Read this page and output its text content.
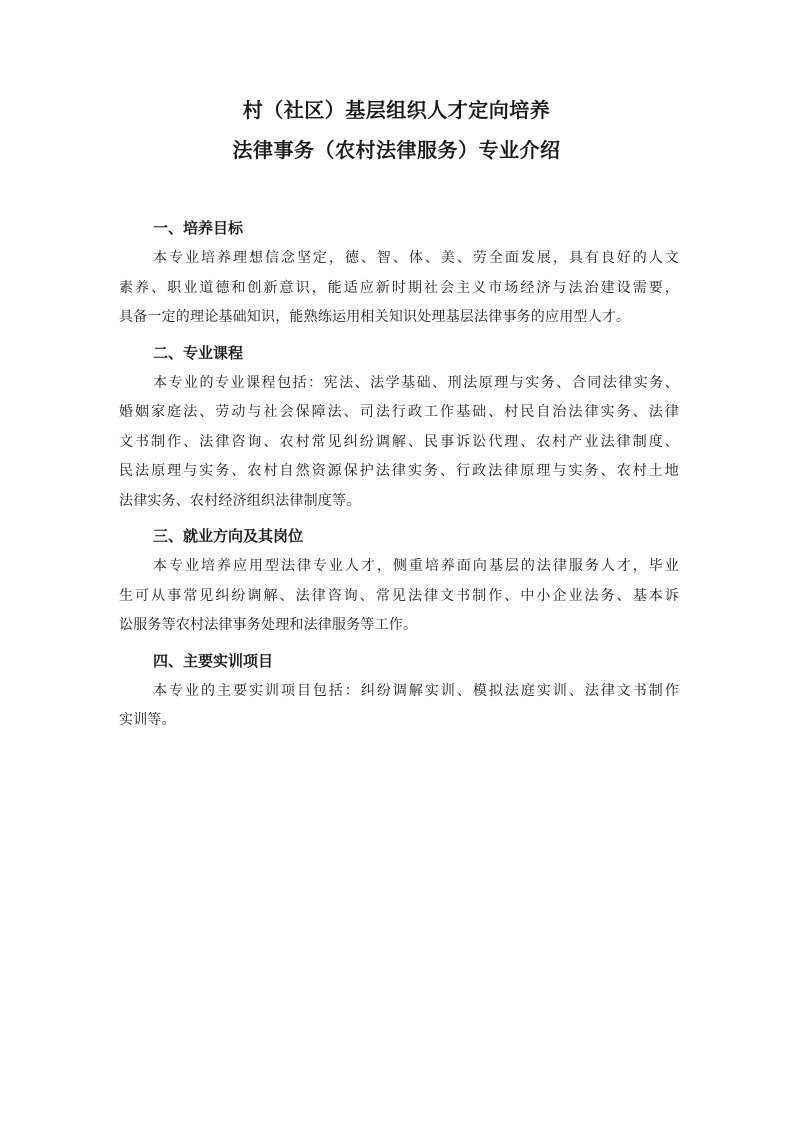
村（社区）基层组织人才定向培养

法律事务（农村法律服务）专业介绍

一、培养目标

本专业培养理想信念坚定，德、智、体、美、劳全面发展，具有良好的人文
素养、职业道德和创新意识，能适应新时期社会主义市场经济与法治建设需要，
具备一定的理论基础知识，能熟练运用相关知识处理基层法律事务的应用型人才。

二、专业课程

本专业的专业课程包括：宪法、法学基础、刑法原理与实务、合同法律实务、
婚姻家庭法、劳动与社会保障法、司法行政工作基础、村民自治法律实务、法律
文书制作、法律咨询、农村常见纠纷调解、民事诉讼代理、农村产业法律制度、
民法原理与实务、农村自然资源保护法律实务、行政法律原理与实务、农村土地
法律实务、农村经济组织法律制度等。

三、就业方向及其岗位

本专业培养应用型法律专业人才，侧重培养面向基层的法律服务人才，毕业
生可从事常见纠纷调解、法律咨询、常见法律文书制作、中小企业法务、基本诉
讼服务等农村法律事务处理和法律服务等工作。

四、主要实训项目

本专业的主要实训项目包括：纠纷调解实训、模拟法庭实训、法律文书制作
实训等。
